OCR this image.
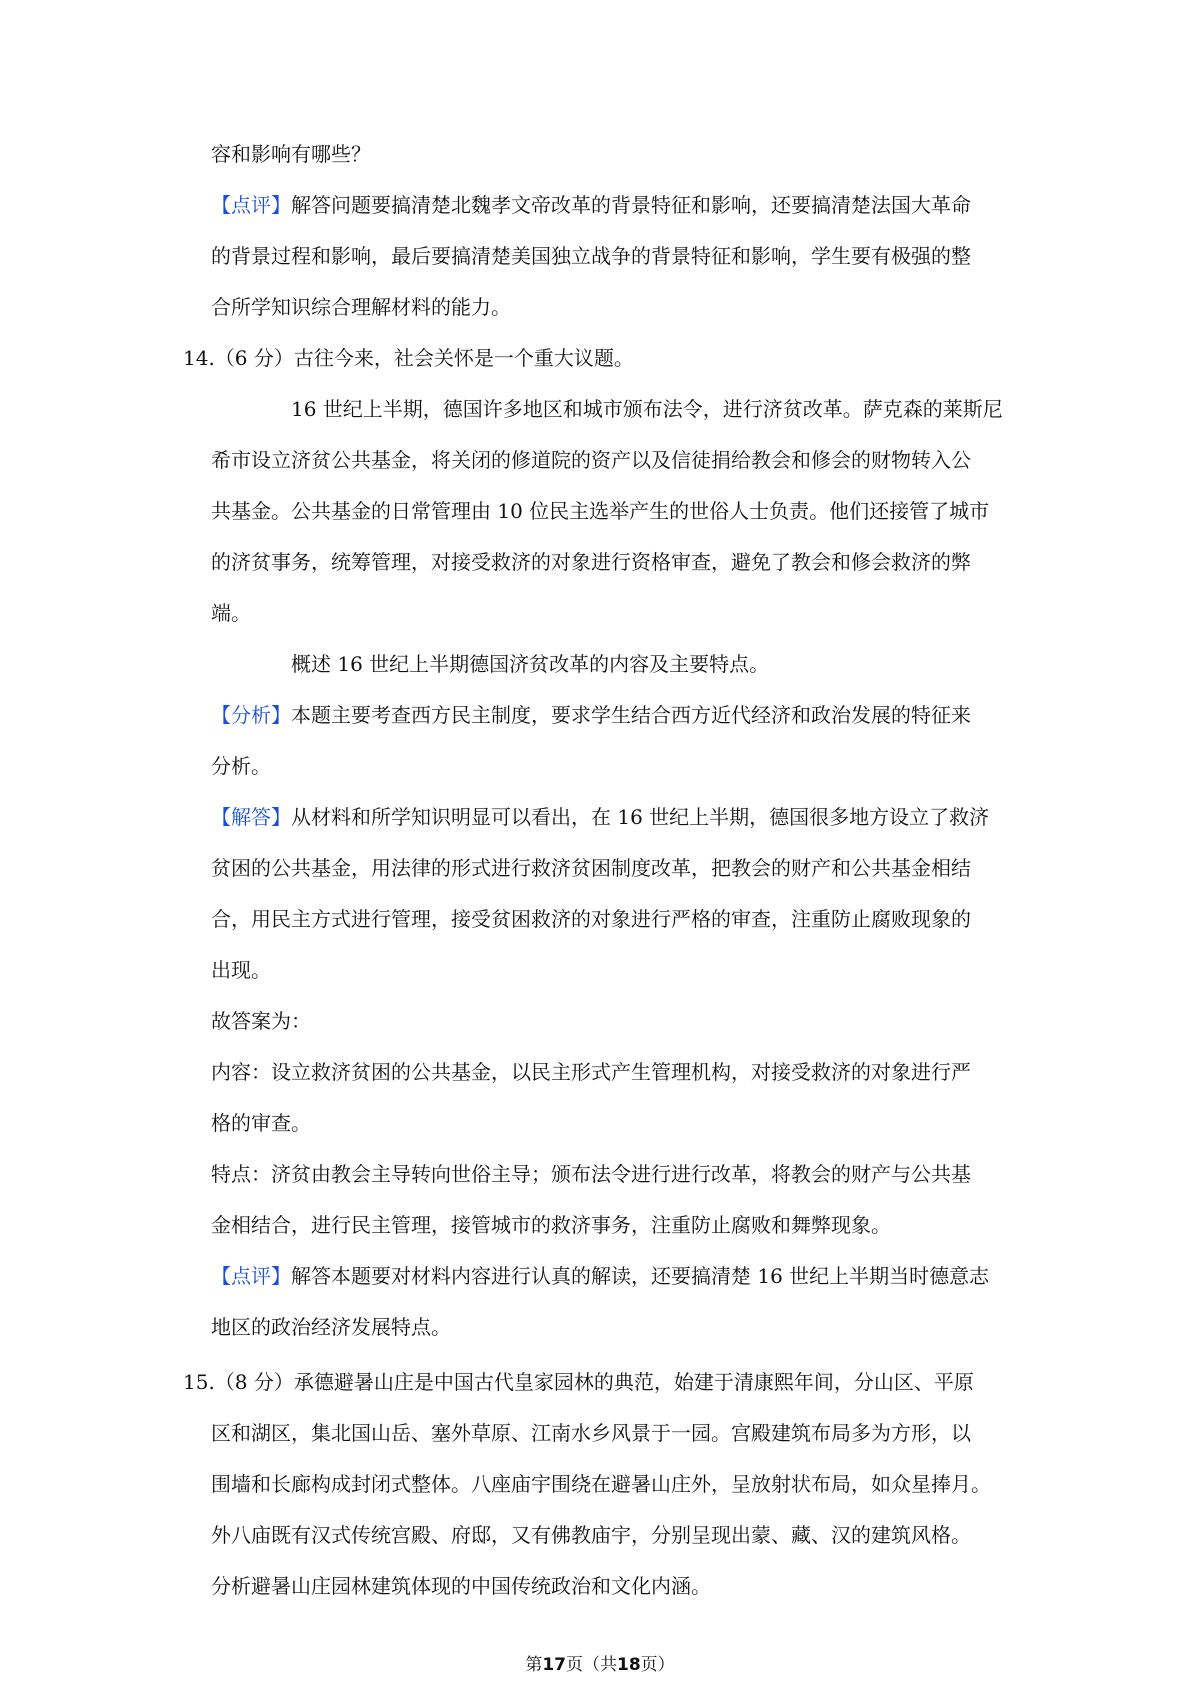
容和影响有哪些？
【点评】解答问题要搞清楚北魏孝文帝改革的背景特征和影响，还要搞清楚法国大革命
的背景过程和影响，最后要搞清楚美国独立战争的背景特征和影响，学生要有极强的整
合所学知识综合理解材料的能力。
14.（6 分）古往今来，社会关怀是一个重大议题。
16 世纪上半期，德国许多地区和城市颁布法令，进行济贫改革。萨克森的莱斯尼
希市设立济贫公共基金，将关闭的修道院的资产以及信徒捐给教会和修会的财物转入公
共基金。公共基金的日常管理由 10 位民主选举产生的世俗人士负责。他们还接管了城市
的济贫事务，统筹管理，对接受救济的对象进行资格审查，避免了教会和修会救济的弊
端。
概述 16 世纪上半期德国济贫改革的内容及主要特点。
【分析】本题主要考查西方民主制度，要求学生结合西方近代经济和政治发展的特征来
分析。
【解答】从材料和所学知识明显可以看出，在 16 世纪上半期，德国很多地方设立了救济
贫困的公共基金，用法律的形式进行救济贫困制度改革，把教会的财产和公共基金相结
合，用民主方式进行管理，接受贫困救济的对象进行严格的审查，注重防止腐败现象的
出现。
故答案为：
内容：设立救济贫困的公共基金，以民主形式产生管理机构，对接受救济的对象进行严
格的审查。
特点：济贫由教会主导转向世俗主导；颁布法令进行进行改革，将教会的财产与公共基
金相结合，进行民主管理，接管城市的救济事务，注重防止腐败和舞弊现象。
【点评】解答本题要对材料内容进行认真的解读，还要搞清楚 16 世纪上半期当时德意志
地区的政治经济发展特点。
15.（8 分）承德避暑山庄是中国古代皇家园林的典范，始建于清康熙年间，分山区、平原
区和湖区，集北国山岳、塞外草原、江南水乡风景于一园。宫殿建筑布局多为方形，以
围墙和长廊构成封闭式整体。八座庙宇围绕在避暑山庄外，呈放射状布局，如众星捧月。
外八庙既有汉式传统宫殿、府邸，又有佛教庙宇，分别呈现出蒙、藏、汉的建筑风格。
分析避暑山庄园林建筑体现的中国传统政治和文化内涵。
第17页（共18页）
